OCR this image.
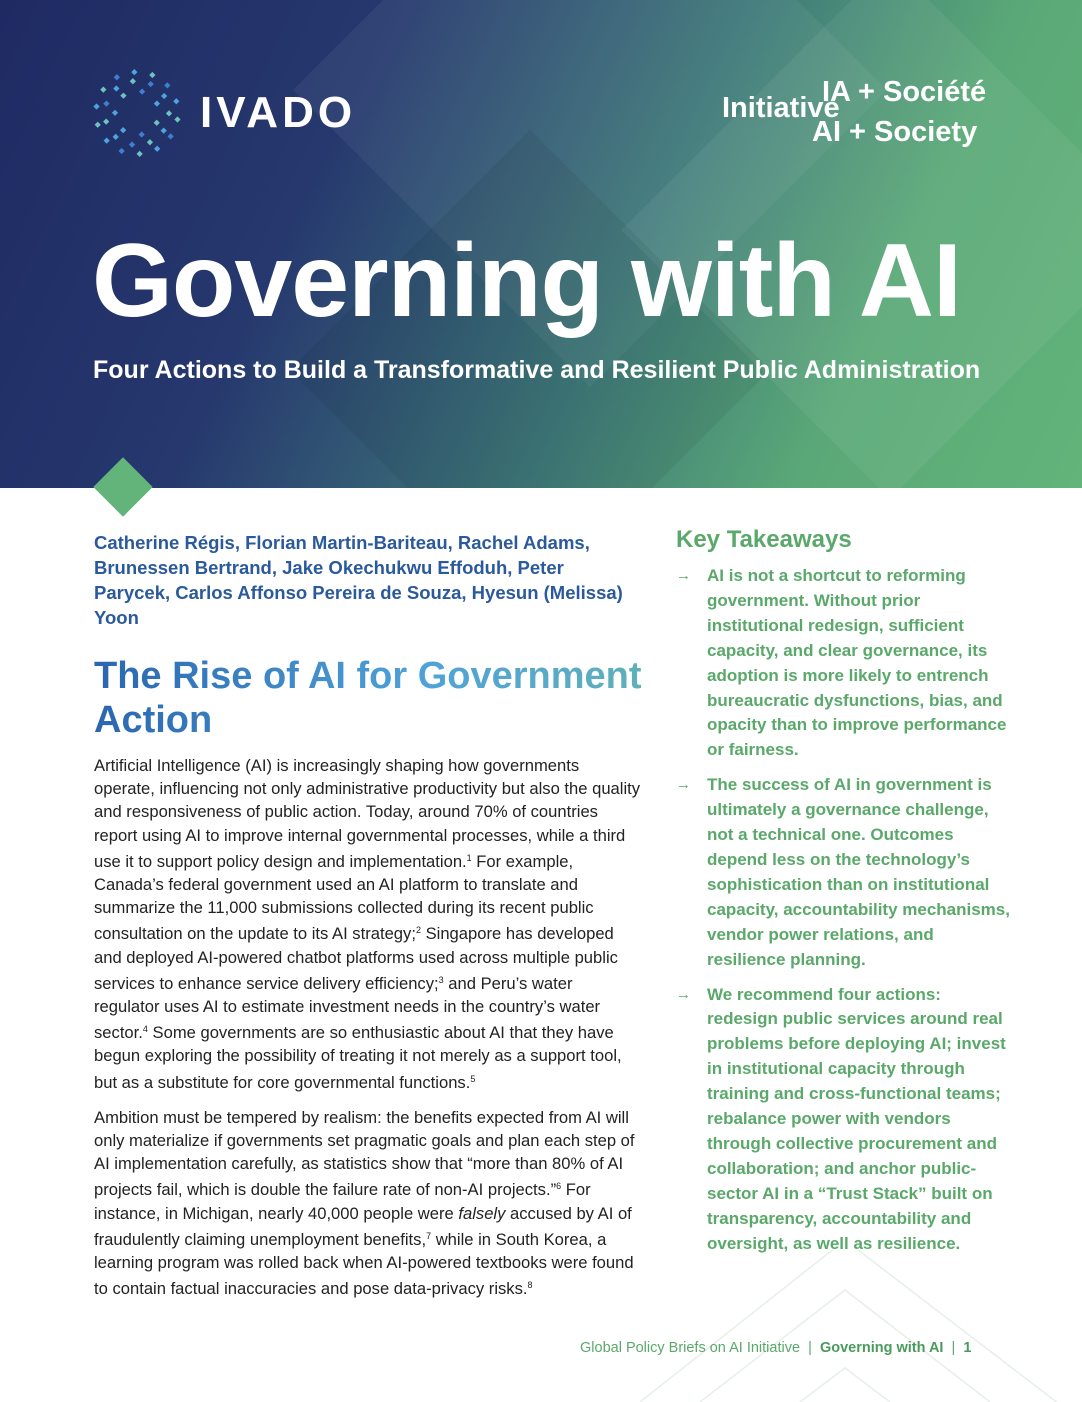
IVADO	IA + Société
Initiative
AI + Society
Governing with AI
Four Actions to Build a Transformative and Resilient Public Administration
Catherine Régis, Florian Martin-Bariteau, Rachel Adams, Brunessen Bertrand, Jake Okechukwu Effoduh, Peter Parycek, Carlos Affonso Pereira de Souza, Hyesun (Melissa) Yoon
The Rise of AI for Government Action

Artificial Intelligence (AI) is increasingly shaping how governments operate, influencing not only administrative productivity but also the quality and responsiveness of public action. Today, around 70% of countries report using AI to improve internal governmental processes, while a third use it to support policy design and implementation.$^1$ For example, Canada’s federal government used an AI platform to translate and summarize the 11,000 submissions collected during its recent public consultation on the update to its AI strategy;$^2$ Singapore has developed and deployed AI-powered chatbot platforms used across multiple public services to enhance service delivery efficiency;$^3$ and Peru’s water regulator uses AI to estimate investment needs in the country’s water sector.$^4$ Some governments are so enthusiastic about AI that they have begun exploring the possibility of treating it not merely as a support tool, but as a substitute for core governmental functions.$^5$

Ambition must be tempered by realism: the benefits expected from AI will only materialize if governments set pragmatic goals and plan each step of AI implementation carefully, as statistics show that “more than 80% of AI projects fail, which is double the failure rate of non-AI projects.”$^6$ For instance, in Michigan, nearly 40,000 people were falsely accused by AI of fraudulently claiming unemployment benefits,$^7$ while in South Korea, a learning program was rolled back when AI-powered textbooks were found to contain factual inaccuracies and pose data-privacy risks.$^8$

Key Takeaways
→ AI is not a shortcut to reforming government. Without prior institutional redesign, sufficient capacity, and clear governance, its adoption is more likely to entrench bureaucratic dysfunctions, bias, and opacity than to improve performance or fairness.
→ The success of AI in government is ultimately a governance challenge, not a technical one. Outcomes depend less on the technology’s sophistication than on institutional capacity, accountability mechanisms, vendor power relations, and resilience planning.
→ We recommend four actions: redesign public services around real problems before deploying AI; invest in institutional capacity through training and cross-functional teams; rebalance power with vendors through collective procurement and collaboration; and anchor public-sector AI in a “Trust Stack” built on transparency, accountability and oversight, as well as resilience.
Global Policy Briefs on AI Initiative | Governing with AI | 1
